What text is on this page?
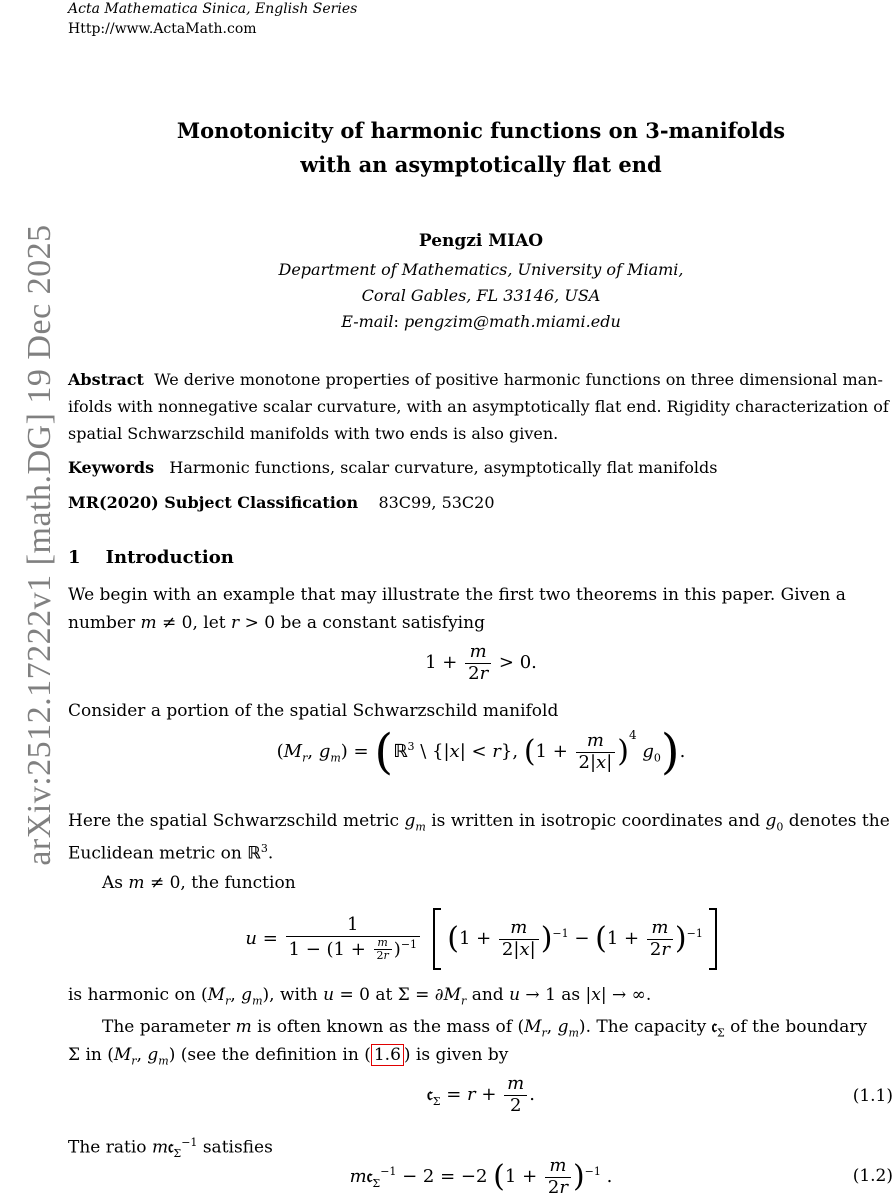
Acta Mathematica Sinica, English Series
Http://www.ActaMath.com
arXiv:2512.17222v1 [math.DG] 19 Dec 2025
Monotonicity of harmonic functions on 3-manifolds
with an asymptotically flat end
Pengzi MIAO
Department of Mathematics, University of Miami,
Coral Gables, FL 33146, USA
E-mail: pengzim@math.miami.edu
Abstract We derive monotone properties of positive harmonic functions on three dimensional man-
ifolds with nonnegative scalar curvature, with an asymptotically flat end. Rigidity characterization of
spatial Schwarzschild manifolds with two ends is also given.
Keywords Harmonic functions, scalar curvature, asymptotically flat manifolds
MR(2020) Subject Classification 83C99, 53C20
1 Introduction
We begin with an example that may illustrate the first two theorems in this paper. Given a
number m ≠ 0, let r > 0 be a constant satisfying
$1 + \frac{m}{2r} > 0$.
Consider a portion of the spatial Schwarzschild manifold
($M_r$, $g_m$) = (ℝ$^3$ \ {|x| < r}, $(1 + \frac{m}{2|x|} )^4$ $g_0$).
Here the spatial Schwarzschild metric $g_m$ is written in isotropic coordinates and $g_0$ denotes the
Euclidean metric on ℝ$^3$.
As m ≠ 0, the function
$u = \frac{1}{1 - (1 + \frac{m}{2r} )^{-1}} (1 + \frac{m}{2|x|} )^{-1} - (1 + \frac{m}{2r} )^{-1}$
is harmonic on ($M_r$, $g_m$), with u = 0 at $\Sigma = \partial M_r$ and u → 1 as |x| → ∞.
The parameter m is often known as the mass of ($M_r$, $g_m$). The capacity 𝔠$_\Sigma$ of the boundary
Σ in ($M_r$, $g_m$) (see the definition in ( 1.6 ) is given by
𝔠$_\Sigma$ = $r + \frac{m}{2}$ .	(1.1)
The ratio m𝔠$_\Sigma^{-1}$ satisfies
m𝔠$_\Sigma^{-1}$ − 2 = −2 $(1 + \frac{m}{2r} )^{-1}$ .	(1.2)
